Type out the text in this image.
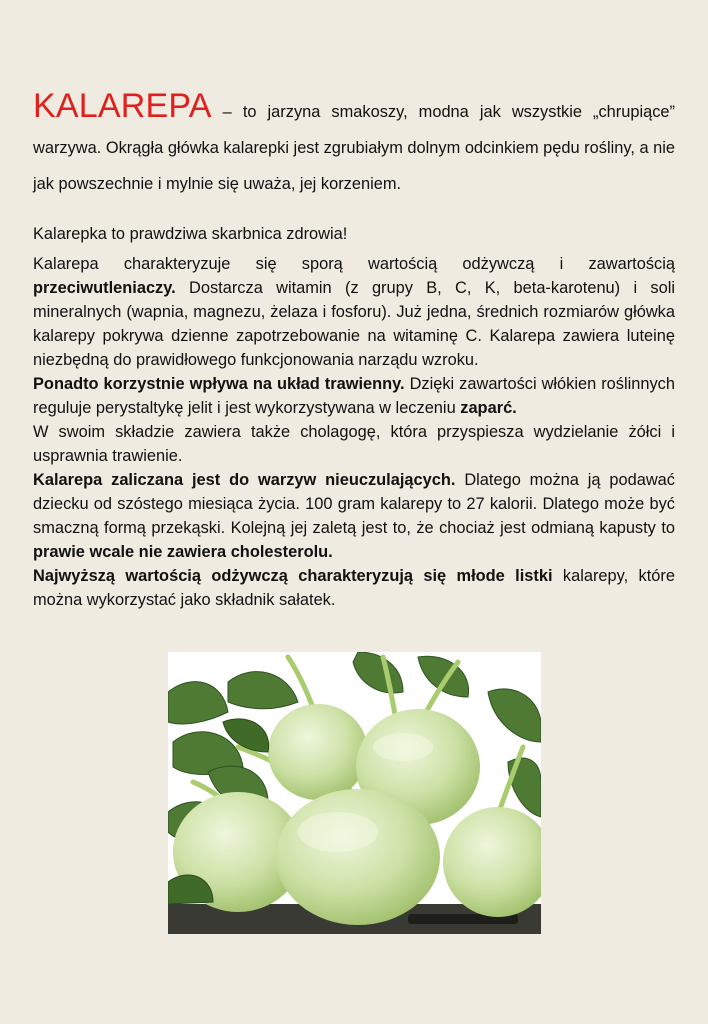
KALAREPA – to jarzyna smakoszy, modna jak wszystkie „chrupiące” warzywa. Okrągła główka kalarepki jest zgrubiałym dolnym odcinkiem pędu rośliny, a nie jak powszechnie i mylnie się uważa, jej korzeniem.

Kalarepka to prawdziwa skarbnica zdrowia!

Kalarepa charakteryzuje się sporą wartością odżywczą i zawartością przeciwutleniaczy. Dostarcza witamin (z grupy B, C, K, beta-karotenu) i soli mineralnych (wapnia, magnezu, żelaza i fosforu). Już jedna, średnich rozmiarów główka kalarepy pokrywa dzienne zapotrzebowanie na witaminę C. Kalarepa zawiera luteinę niezbędną do prawidłowego funkcjonowania narządu wzroku.

Ponadto korzystnie wpływa na układ trawienny. Dzięki zawartości włókien roślinnych reguluje perystaltykę jelit i jest wykorzystywana w leczeniu zaparć.

W swoim składzie zawiera także cholagogę, która przyspiesza wydzielanie żółci i usprawnia trawienie.

Kalarepa zaliczana jest do warzyw nieuczulających. Dlatego można ją podawać dziecku od szóstego miesiąca życia. 100 gram kalarepy to 27 kalorii. Dlatego może być smaczną formą przekąski. Kolejną jej zaletą jest to, że chociaż jest odmianą kapusty to prawie wcale nie zawiera cholesterolu.

Najwyższą wartością odżywczą charakteryzują się młode listki kalarepy, które można wykorzystać jako składnik sałatek.
